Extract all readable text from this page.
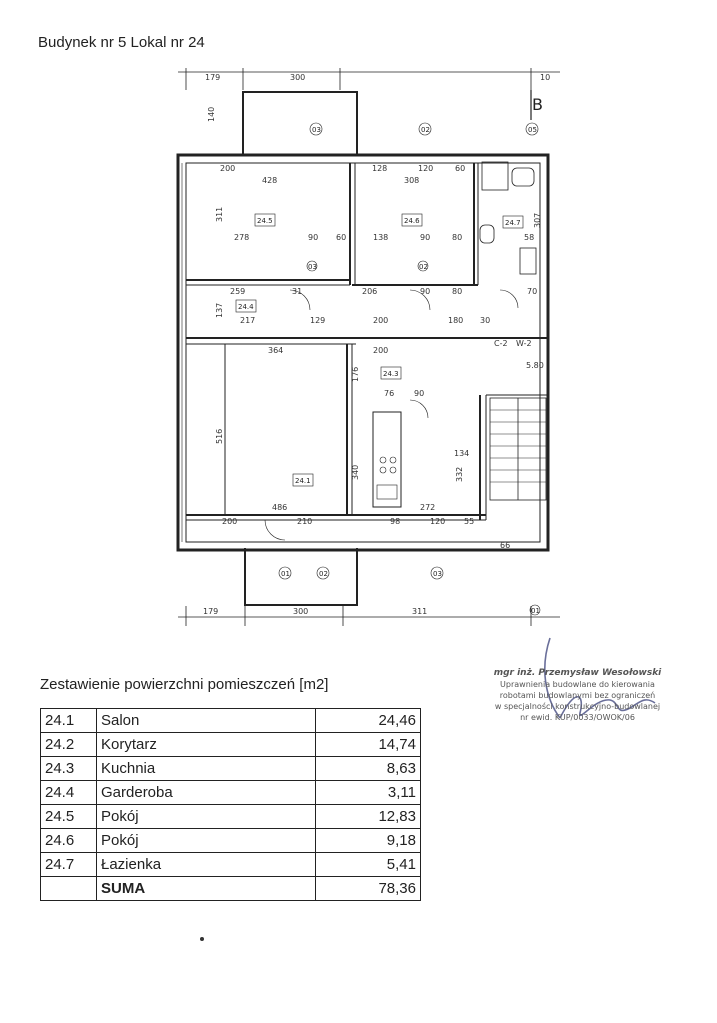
Budynek nr 5 Lokal nr 24
179	300	10
179	300	311
B
24.5	24.6	24.7
24.4
24.3
24.1
140
200
428
128
308
120	60
311
278	90 60	138	90	80
307
58
259	31	206	90	80	70
137
217	129	200	180 30
364	200
176
76 90
516
340
134
332
486	272
200	210	98	120 55
66
C-2 W-2
5.80
03
03
02	05
01
02	03
01
02
Zestawienie powierzchni pomieszczeń [m2]
24.1	Salon	24,46
24.2	Korytarz	14,74
24.3	Kuchnia	8,63
24.4	Garderoba	3,11
24.5	Pokój	12,83
24.6	Pokój	9,18
24.7	Łazienka	5,41
	SUMA	78,36
mgr inż. Przemysław Wesołowski
Uprawnienia budowlane do kierowania
robotami budowlanymi bez ograniczeń
w specjalności konstrukcyjno-budowlanej
nr ewid. KUP/0033/OWOK/06
